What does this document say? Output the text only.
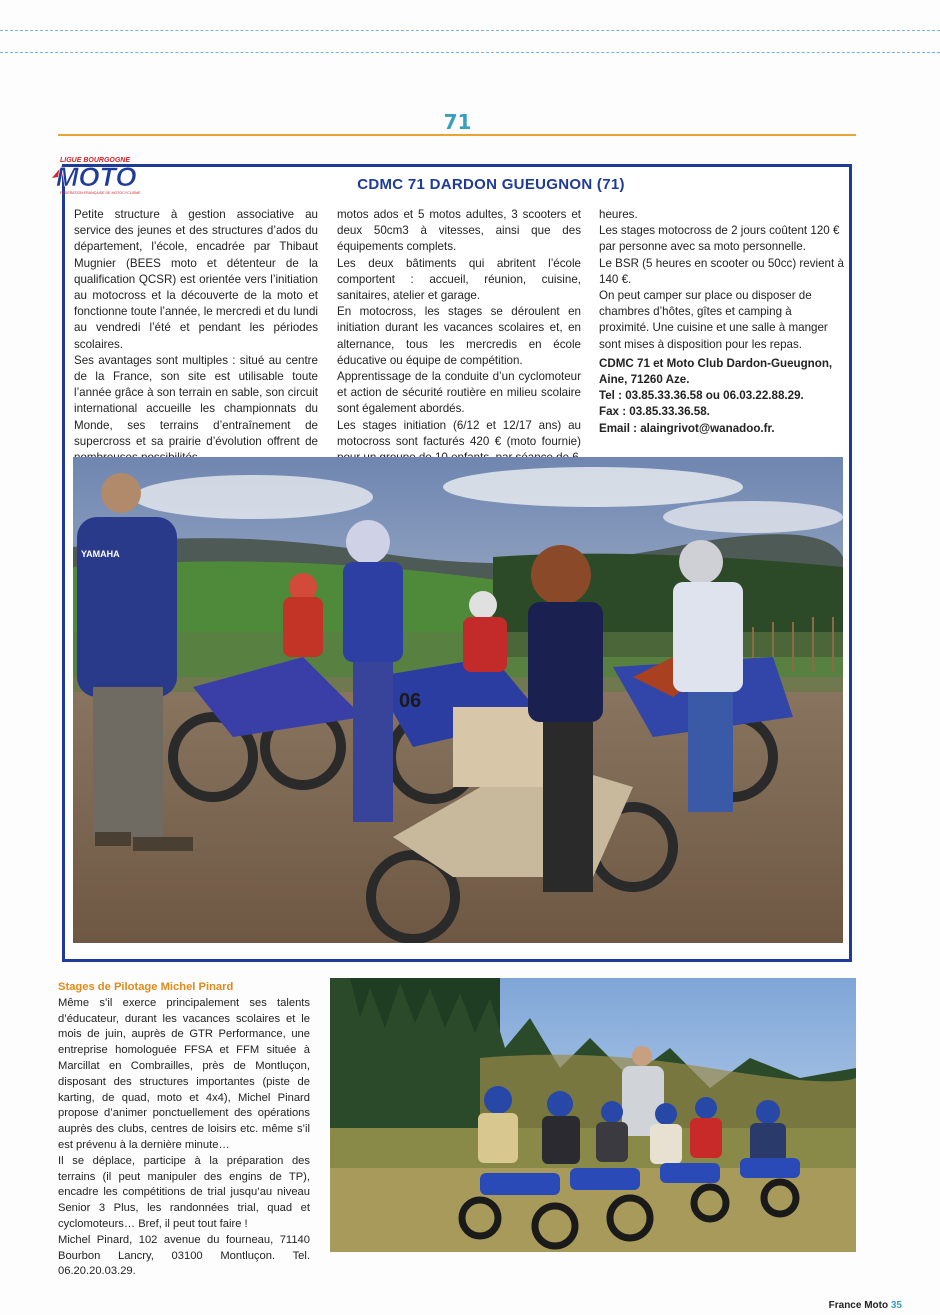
71
LIGUE BOURGOGNE
MOTO
FÉDÉRATION FRANÇAISE DE MOTOCYCLISME	CDMC 71 DARDON GUEUGNON (71)

Petite structure à gestion associative au service des jeunes et des structures d’ados du département, l’école, encadrée par Thibaut Mugnier (BEES moto et détenteur de la qualification QCSR) est orientée vers l’initiation au motocross et la découverte de la moto et fonctionne toute l’année, le mercredi et du lundi au vendredi l’été et pendant les périodes scolaires.

Ses avantages sont multiples : situé au centre de la France, son site est utilisable toute l’année grâce à son terrain en sable, son circuit international accueille les championnats du Monde, ses terrains d’entraînement de supercross et sa prairie d’évolution offrent de

motos ados et 5 motos adultes, 3 scooters et deux 50cm3 à vitesses, ainsi que des équipements complets.

Les deux bâtiments qui abritent l’école comportent : accueil, réunion, cuisine, sanitaires, atelier et garage.

En motocross, les stages se déroulent en initiation durant les vacances scolaires et, en alternance, tous les mercredis en école éducative ou équipe de compétition.

Apprentissage de la conduite d’un cyclomoteur et action de sécurité routière en milieu scolaire sont également abordés.

Les stages initiation (6/12 et 12/17 ans) au motocross sont facturés 420 € (moto fournie)

heures.

Les stages motocross de 2 jours coûtent 120 € par personne avec sa moto personnelle.

Le BSR (5 heures en scooter ou 50cc) revient à 140 €.

On peut camper sur place ou disposer de chambres d’hôtes, gîtes et camping à proximité. Une cuisine et une salle à manger sont mises à disposition pour les repas.

CDMC 71 et Moto Club Dardon-Gueugnon,

Aine, 71260 Aze.

Tel : 03.85.33.36.58 ou 06.03.22.88.29.

Fax : 03.85.33.36.58.

Email : alaingrivot@wanadoo.fr.

YAMAHA
06

Stages de Pilotage Michel Pinard

Même s’il exerce principalement ses talents d’éducateur, durant les vacances scolaires et le mois de juin, auprès de GTR Performance, une entreprise homologuée FFSA et FFM située à Marcillat en Combrailles, près de Montluçon, disposant des structures importantes (piste de karting, de quad, moto et 4x4), Michel Pinard propose d’animer ponctuellement des opérations auprès des clubs, centres de loisirs etc. même s’il est prévenu à la dernière minute…

Il se déplace, participe à la préparation des terrains (il peut manipuler des engins de TP), encadre les compétitions de trial jusqu’au niveau Senior 3 Plus, les randonnées trial, quad et cyclomoteurs… Bref, il peut tout faire !

Michel Pinard, 102 avenue du fourneau, 71140 Bourbon Lancry, 03100 Montluçon. Tel. 06.20.20.03.29.

France Moto 35
